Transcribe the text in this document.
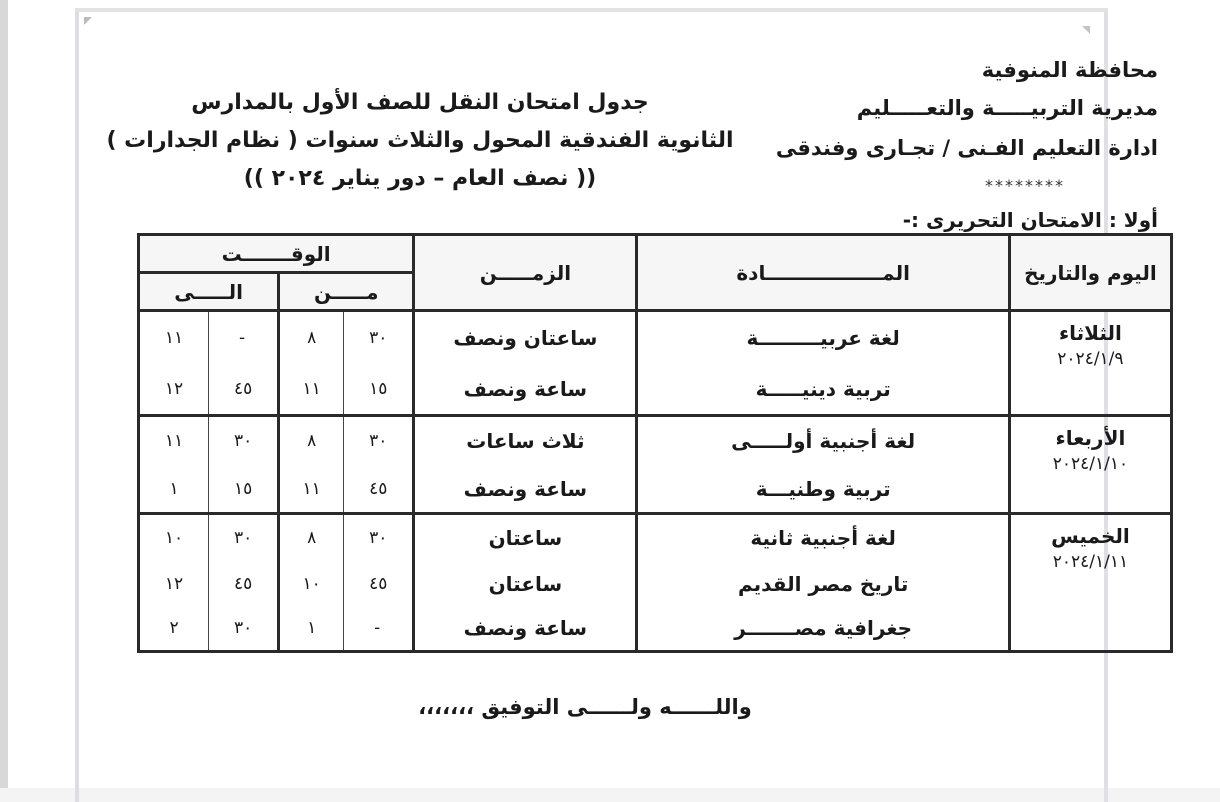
محافظة المنوفية
مديرية التربيـــــة والتعـــــليم
ادارة التعليم الفـنى / تجـارى وفندقى
********
جدول امتحان النقل للصف الأول بالمدارس
الثانوية الفندقية المحول والثلاث سنوات ( نظام الجدارات )
(( نصف العام – دور يناير ٢٠٢٤ ))
أولا : الامتحان التحريرى :-
اليوم والتاريخ	المـــــــــــــــــادة	الزمـــــن	الوقـــــــت			
			مـــــن		الـــــى	

الثلاثاء
٢٠٢٤/١/٩	لغة عربيـــــــــة	ساعتان ونصف	٣٠	٨	-	١١
	تربية دينيـــــة	ساعة ونصف	١٥	١١	٤٥	١٢

الأربعاء
٢٠٢٤/١/١٠	لغة أجنبية أولـــــى	ثلاث ساعات	٣٠	٨	٣٠	١١
	تربية وطنيـــة	ساعة ونصف	٤٥	١١	١٥	١

الخميس
٢٠٢٤/١/١١	لغة أجنبية ثانية	ساعتان	٣٠	٨	٣٠	١٠
	تاريخ مصر القديم	ساعتان	٤٥	١٠	٤٥	١٢
	جغرافية مصـــــــر	ساعة ونصف	-	١	٣٠	٢
واللــــــه ولــــــى التوفيق ،،،،،،،
